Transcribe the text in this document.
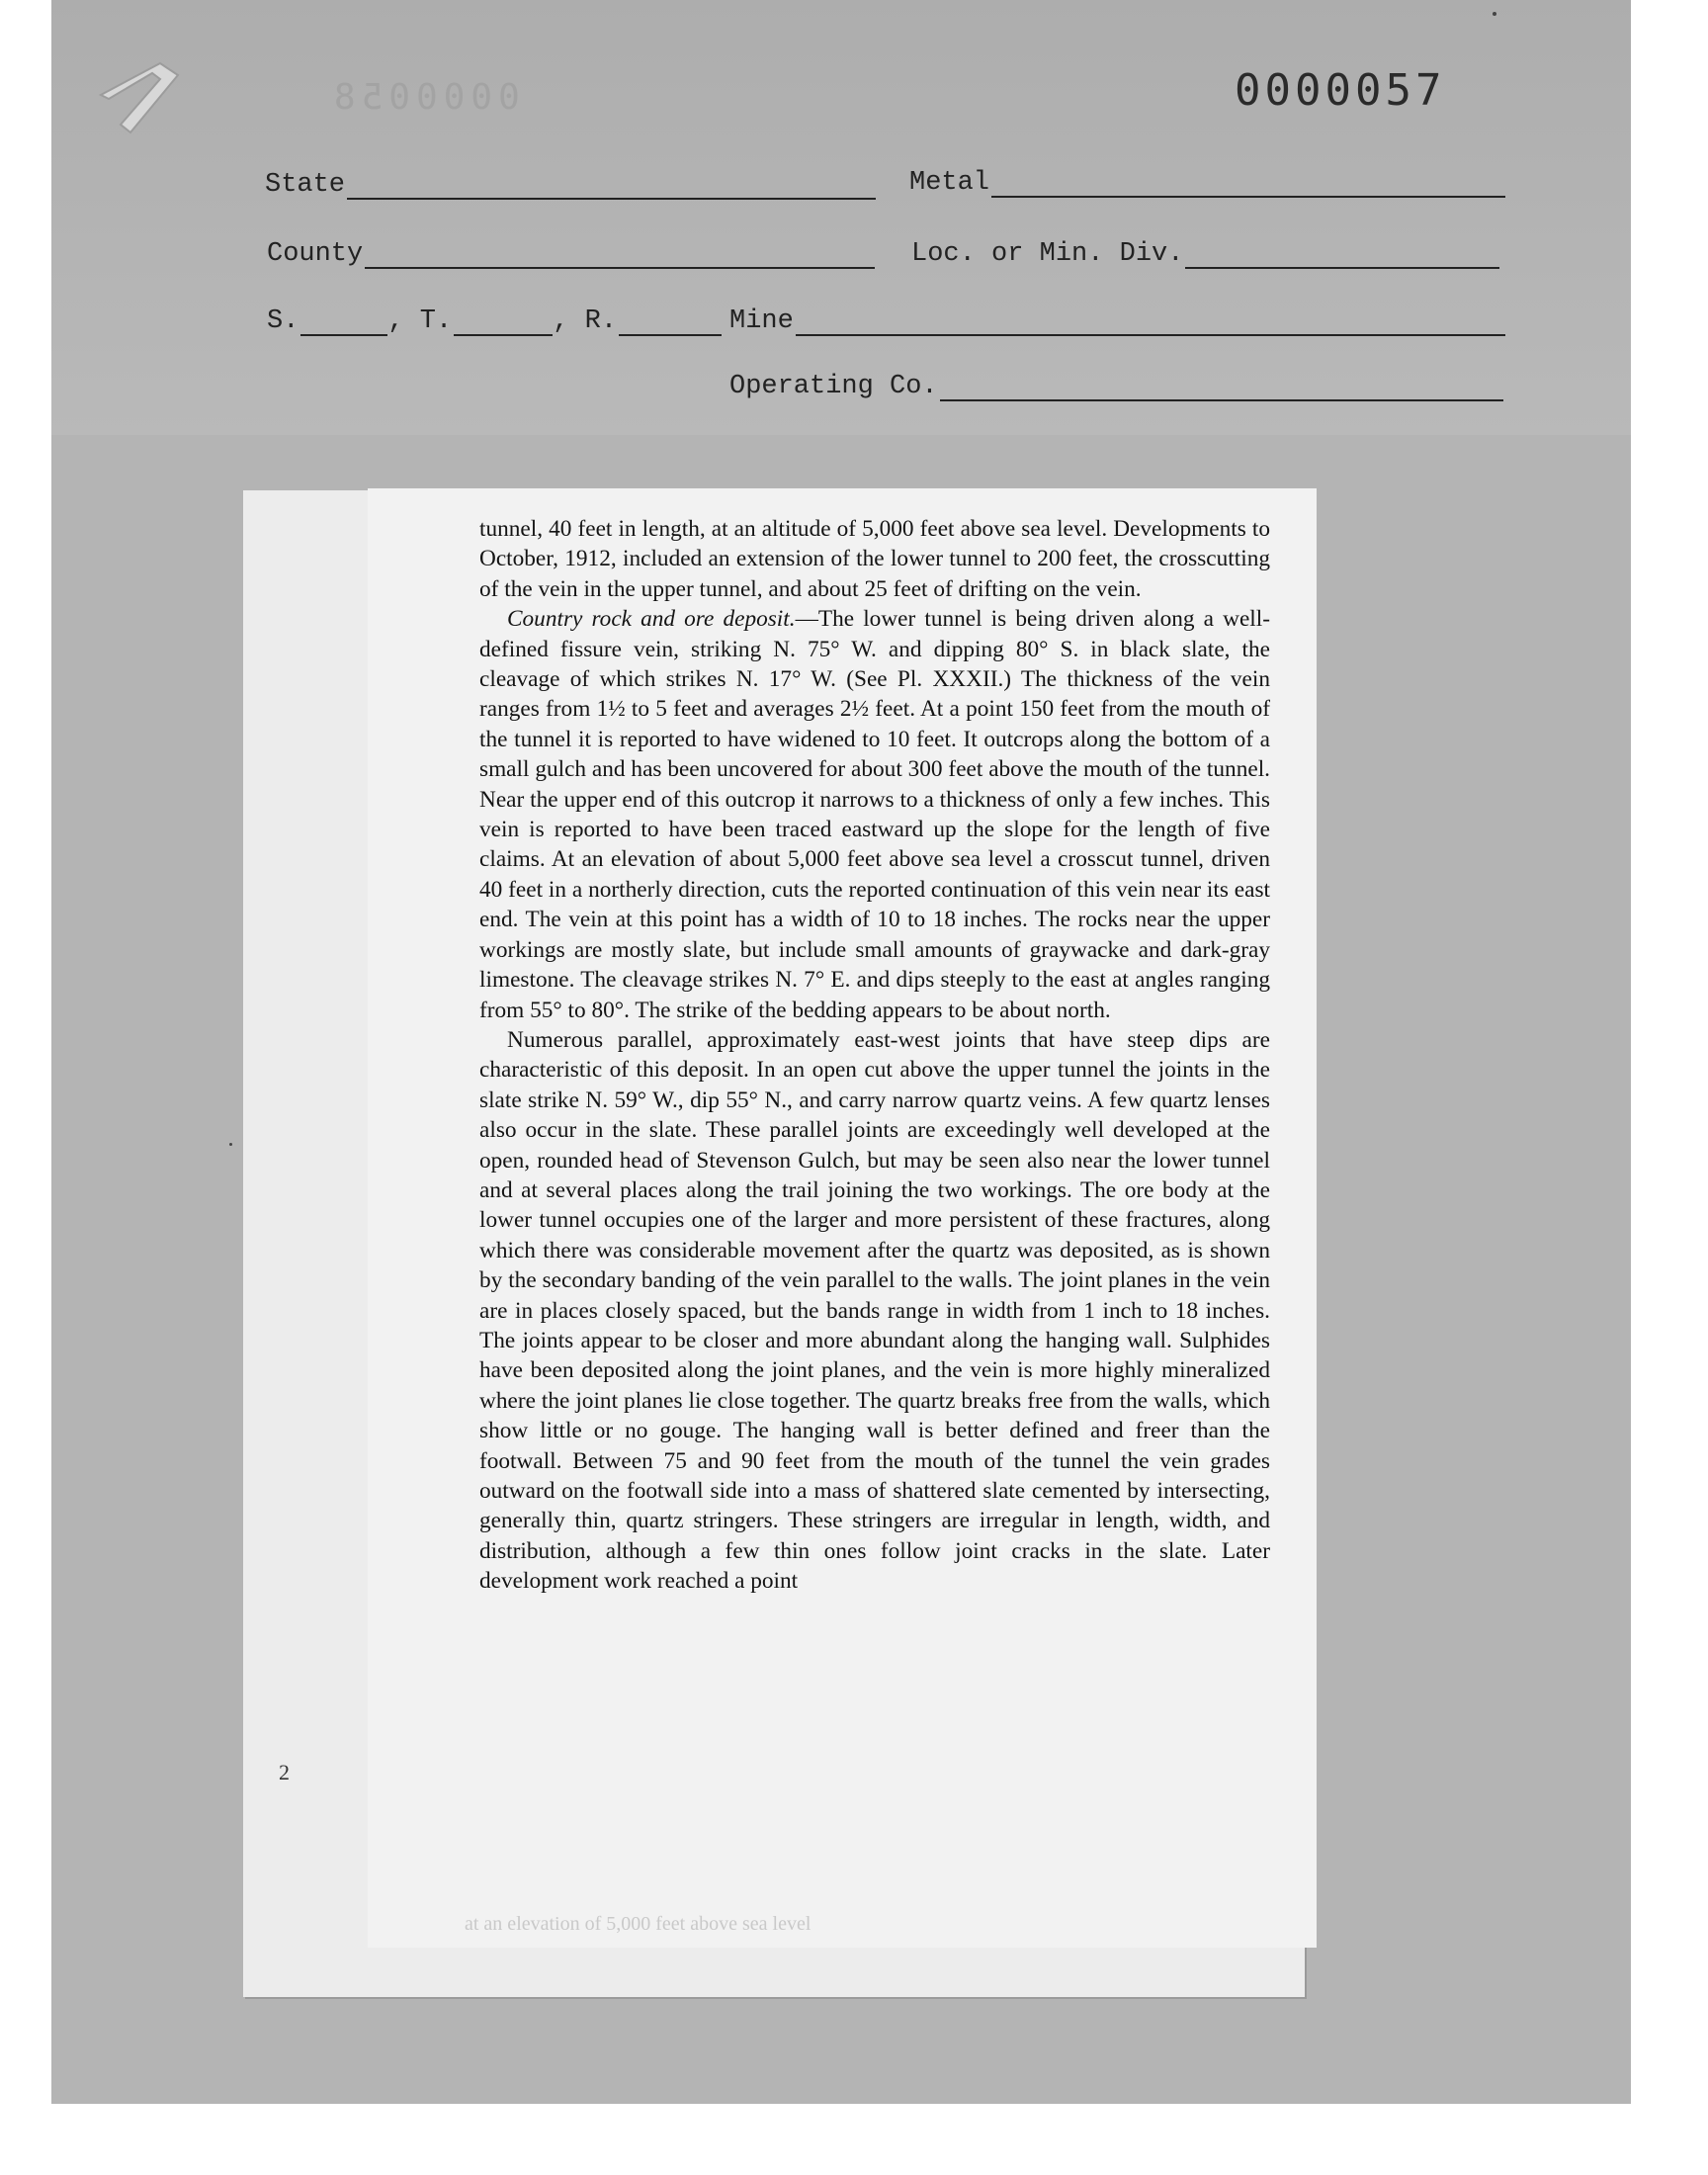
0000058	0000057
State	Metal
County	Loc. or Min. Div.
S.	, T.	, R.	Mine
Operating Co.
2
at an elevation of 5,000 feet above sea level

tunnel, 40 feet in length, at an altitude of 5,000 feet above sea level. Developments to October, 1912, included an extension of the lower tunnel to 200 feet, the crosscutting of the vein in the upper tunnel, and about 25 feet of drifting on the vein.

Country rock and ore deposit.—The lower tunnel is being driven along a well-defined fissure vein, striking N. 75° W. and dipping 80° S. in black slate, the cleavage of which strikes N. 17° W. (See Pl. XXXII.) The thickness of the vein ranges from 1½ to 5 feet and averages 2½ feet. At a point 150 feet from the mouth of the tunnel it is reported to have widened to 10 feet. It outcrops along the bottom of a small gulch and has been uncovered for about 300 feet above the mouth of the tunnel. Near the upper end of this outcrop it narrows to a thickness of only a few inches. This vein is reported to have been traced eastward up the slope for the length of five claims. At an elevation of about 5,000 feet above sea level a crosscut tunnel, driven 40 feet in a northerly direction, cuts the reported continuation of this vein near its east end. The vein at this point has a width of 10 to 18 inches. The rocks near the upper workings are mostly slate, but include small amounts of graywacke and dark-gray limestone. The cleavage strikes N. 7° E. and dips steeply to the east at angles ranging from 55° to 80°. The strike of the bedding appears to be about north.

Numerous parallel, approximately east-west joints that have steep dips are characteristic of this deposit. In an open cut above the upper tunnel the joints in the slate strike N. 59° W., dip 55° N., and carry narrow quartz veins. A few quartz lenses also occur in the slate. These parallel joints are exceedingly well developed at the open, rounded head of Stevenson Gulch, but may be seen also near the lower tunnel and at several places along the trail joining the two workings. The ore body at the lower tunnel occupies one of the larger and more persistent of these fractures, along which there was considerable movement after the quartz was deposited, as is shown by the secondary banding of the vein parallel to the walls. The joint planes in the vein are in places closely spaced, but the bands range in width from 1 inch to 18 inches. The joints appear to be closer and more abundant along the hanging wall. Sulphides have been deposited along the joint planes, and the vein is more highly mineralized where the joint planes lie close together. The quartz breaks free from the walls, which show little or no gouge. The hanging wall is better defined and freer than the footwall. Between 75 and 90 feet from the mouth of the tunnel the vein grades outward on the footwall side into a mass of shattered slate cemented by intersecting, generally thin, quartz stringers. These stringers are irregular in length, width, and distribution, although a few thin ones follow joint cracks in the slate. Later development work reached a point
